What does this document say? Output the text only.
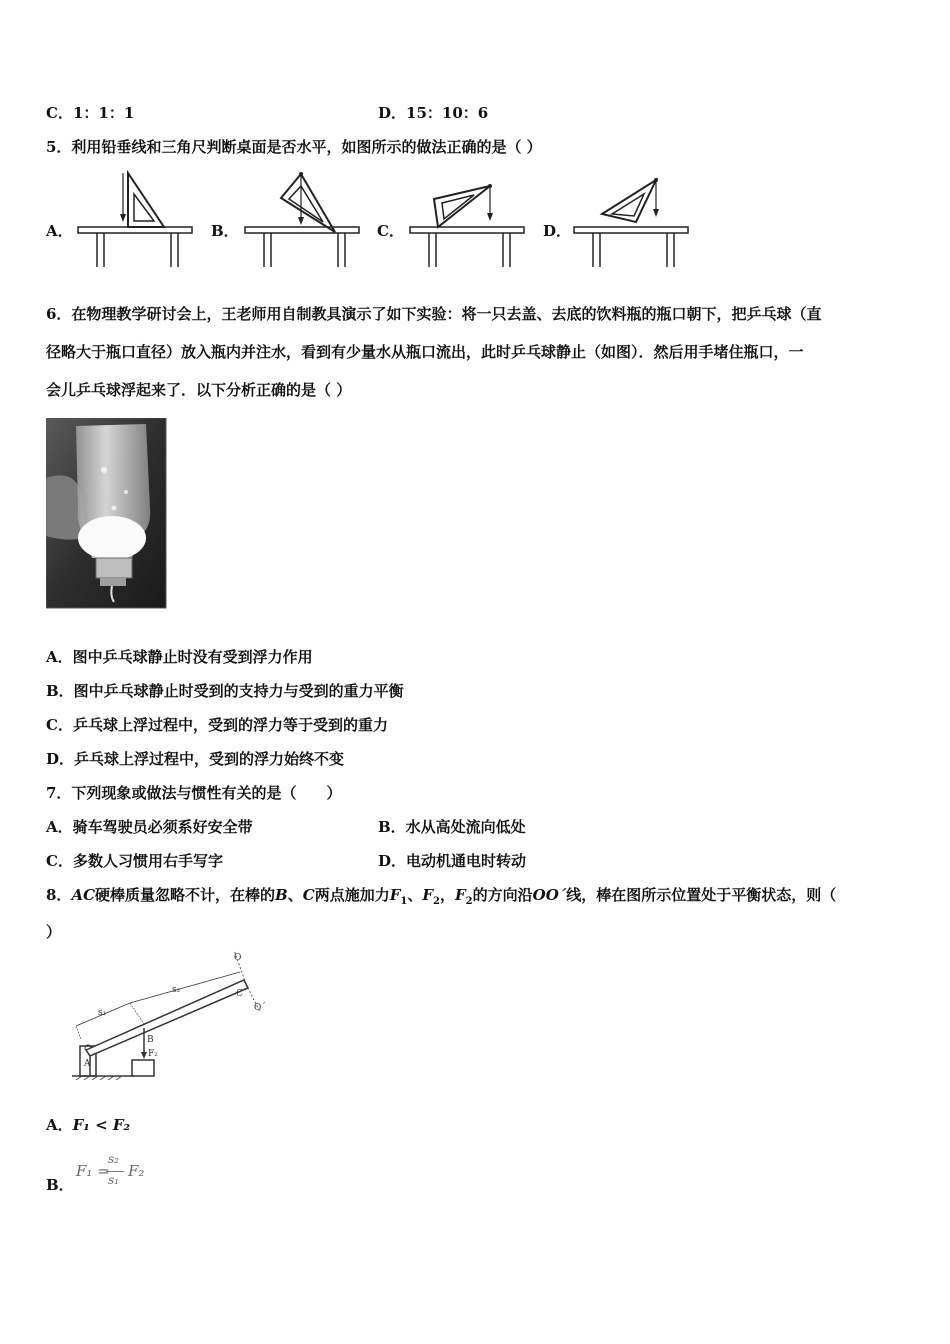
C．1：1：1	D．15：10：6
5．利用铅垂线和三角尺判断桌面是否水平，如图所示的做法正确的是（ ）
A．	B．	C．	D．
6．在物理教学研讨会上，王老师用自制教具演示了如下实验：将一只去盖、去底的饮料瓶的瓶口朝下，把乒乓球（直
径略大于瓶口直径）放入瓶内并注水，看到有少量水从瓶口流出，此时乒乓球静止（如图）．然后用手堵住瓶口，一
会儿乒乓球浮起来了．以下分析正确的是（ ）
A．图中乒乓球静止时没有受到浮力作用
B．图中乒乓球静止时受到的支持力与受到的重力平衡
C．乒乓球上浮过程中，受到的浮力等于受到的重力
D．乒乓球上浮过程中，受到的浮力始终不变
7．下列现象或做法与惯性有关的是（　　）
A．骑车驾驶员必须系好安全带	B．水从高处流向低处
C．多数人习惯用右手写字	D．电动机通电时转动
8．AC硬棒质量忽略不计，在棒的B、C两点施加力$F_1$、$F_2$，$F_2$的方向沿OO´线，棒在图所示位置处于平衡状态，则（
）
s₁
s₂
O
C
O´
A
B
F₂
A．F₁ < F₂
B．
F₁ =
s₂
s₁ F₂
